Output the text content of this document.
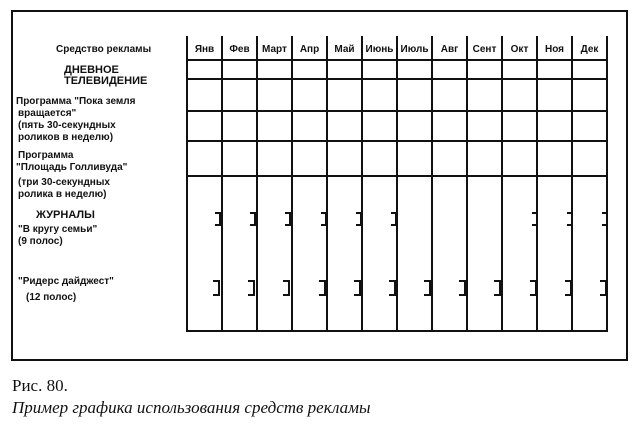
Средство рекламы	Янв	Фев	Март	Апр	Май	Июнь Июль	Авг	Сент	Окт	Ноя	Дек
ДНЕВНОЕ
ТЕЛЕВИДЕНИЕ
Программа "Пока земля
вращается"
(пять 30-секундных
роликов в неделю)
Программа
"Площадь Голливуда"
(три 30-секундных
ролика в неделю)
ЖУРНАЛЫ
"В кругу семьи"
(9 полос)
"Ридерс дайджест"
(12 полос)
Рис. 80.
Пример графика использования средств рекламы
